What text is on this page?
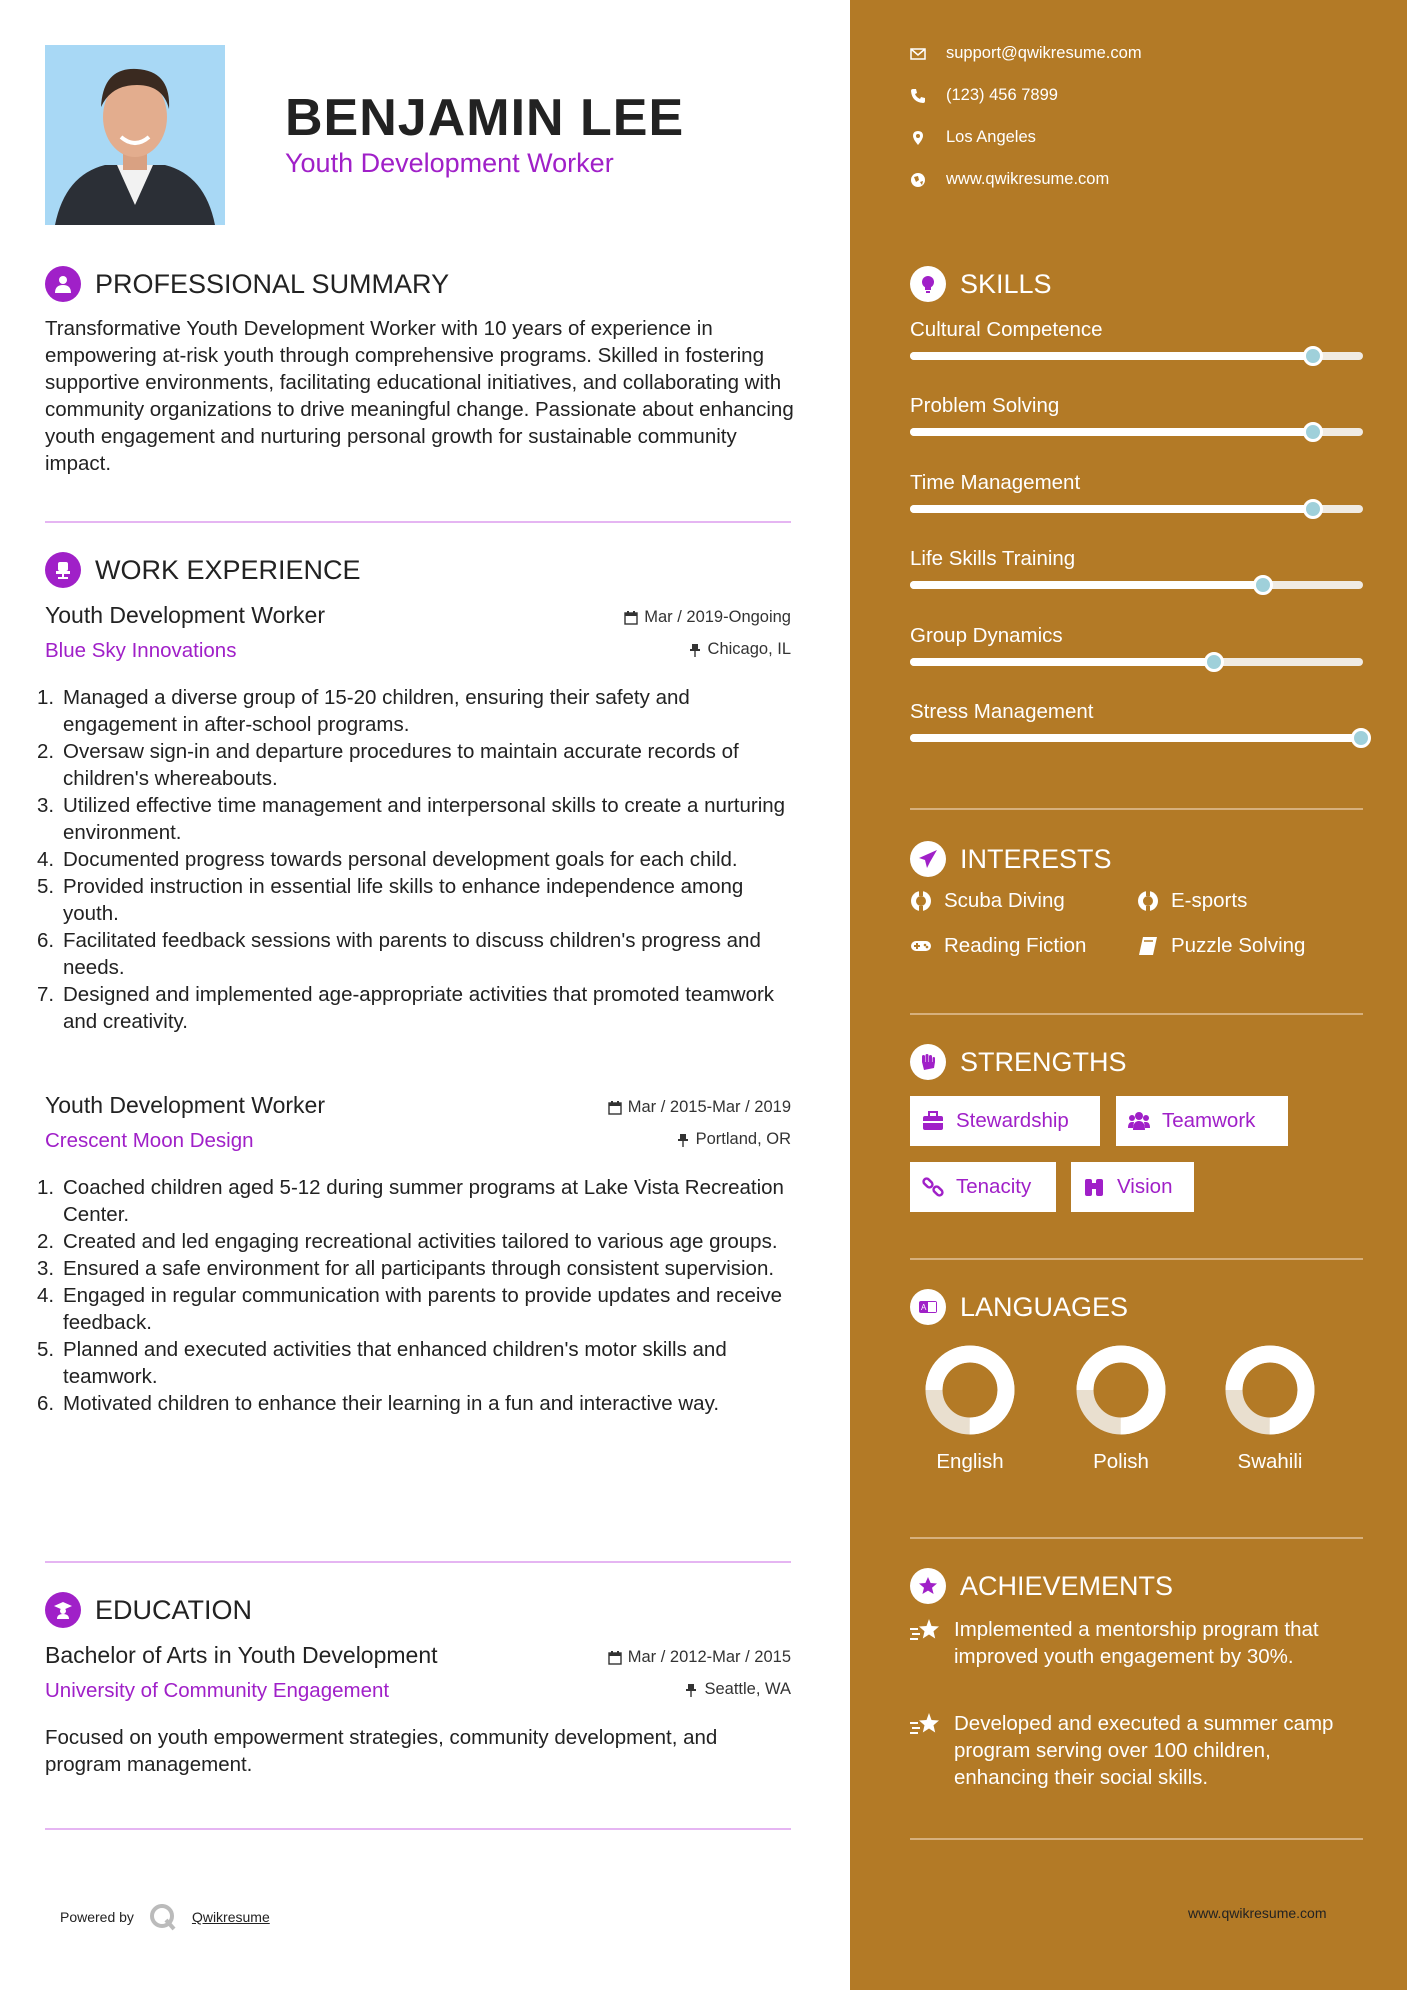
BENJAMIN LEE
Youth Development Worker
PROFESSIONAL SUMMARY
Transformative Youth Development Worker with 10 years of experience in empowering at-risk youth through comprehensive programs. Skilled in fostering supportive environments, facilitating educational initiatives, and collaborating with community organizations to drive meaningful change. Passionate about enhancing youth engagement and nurturing personal growth for sustainable community impact.
WORK EXPERIENCE
Youth Development Worker
Blue Sky Innovations
Mar / 2019-Ongoing
Chicago, IL
Managed a diverse group of 15-20 children, ensuring their safety and engagement in after-school programs.
Oversaw sign-in and departure procedures to maintain accurate records of children's whereabouts.
Utilized effective time management and interpersonal skills to create a nurturing environment.
Documented progress towards personal development goals for each child.
Provided instruction in essential life skills to enhance independence among youth.
Facilitated feedback sessions with parents to discuss children's progress and needs.
Designed and implemented age-appropriate activities that promoted teamwork and creativity.
Youth Development Worker
Crescent Moon Design
Mar / 2015-Mar / 2019
Portland, OR
Coached children aged 5-12 during summer programs at Lake Vista Recreation Center.
Created and led engaging recreational activities tailored to various age groups.
Ensured a safe environment for all participants through consistent supervision.
Engaged in regular communication with parents to provide updates and receive feedback.
Planned and executed activities that enhanced children's motor skills and teamwork.
Motivated children to enhance their learning in a fun and interactive way.
EDUCATION
Bachelor of Arts in Youth Development
University of Community Engagement
Mar / 2012-Mar / 2015
Seattle, WA
Focused on youth empowerment strategies, community development, and program management.
Powered by	Qwikresume
support@qwikresume.com
(123) 456 7899
Los Angeles
www.qwikresume.com
SKILLS
Cultural Competence
Problem Solving
Time Management
Life Skills Training
Group Dynamics
Stress Management
INTERESTS
Scuba Diving	E-sports
Reading Fiction	Puzzle Solving
STRENGTHS
Stewardship	Teamwork
Tenacity	Vision
A LANGUAGES
English	Polish	Swahili
ACHIEVEMENTS
Implemented a mentorship program that improved youth engagement by 30%.
Developed and executed a summer camp program serving over 100 children, enhancing their social skills.
www.qwikresume.com
